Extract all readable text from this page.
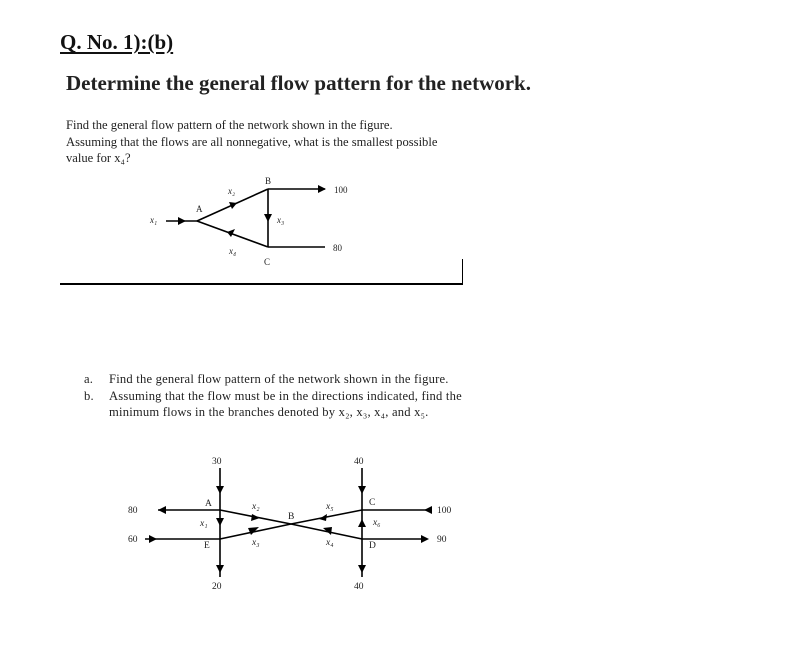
Q. No. 1):(b)
Determine the general flow pattern for the network.

Find the general flow pattern of the network shown in the figure. Assuming that the flows are all nonnegative, what is the smallest possible value for x₄?

x₁
A
x₂
B
x₃
x₄
C
100
80
a. Find the general flow pattern of the network shown in the figure.
b. Assuming that the flow must be in the directions indicated, find the minimum flows in the branches denoted by x₂, x₃, x₄, and x₅.
30	40
80	100
60	90
20	40
A
E
B
C
D
x₁
x₂
x₃	x₄
x₅
x₆
